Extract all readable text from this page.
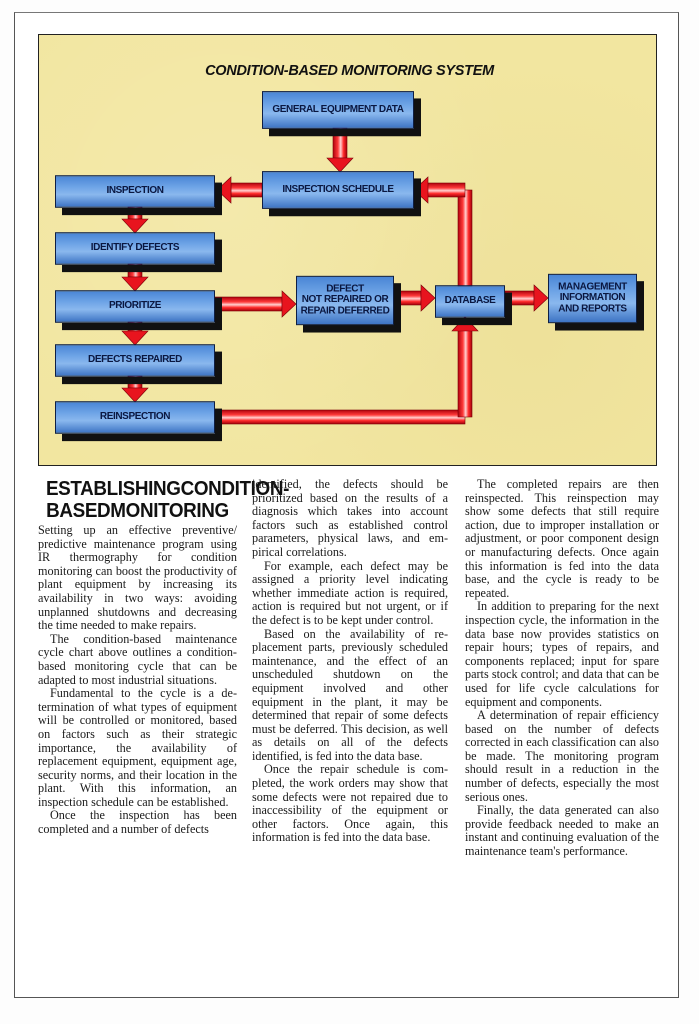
CONDITION-BASED MONITORING SYSTEM
GENERAL EQUIPMENT DATA
INSPECTION SCHEDULE
INSPECTION
IDENTIFY DEFECTS
PRIORITIZE
DEFECTS REPAIRED
REINSPECTION
DEFECT
NOT REPAIRED OR
REPAIR DEFERRED
DATABASE
MANAGEMENT
INFORMATION
AND REPORTS
ESTABLISHINGCONDITION-BASEDMONITORING

Setting up an effective preventive/ predictive maintenance program using IR thermography for condition monitoring can boost the productivity of plant equipment by increasing its availability in two ways: avoiding unplanned shutdowns and decreasing the time needed to make repairs.

The condition-based maintenance cycle chart above outlines a condition-based monitoring cycle that can be adapted to most industrial situations.

Fundamental to the cycle is a determination of what types of equipment will be controlled or monitored, based on factors such as their strategic importance, the availability of replacement equipment, equipment age, security norms, and their location in the plant. With this information, an inspection schedule can be established.

Once the inspection has been completed and a number of defects

identified, the defects should be prioritized based on the results of a diagnosis which takes into account factors such as established control parameters, physical laws, and empirical correlations.

For example, each defect may be assigned a priority level indicating whether immediate action is required, action is required but not urgent, or if the defect is to be kept under control.

Based on the availability of replacement parts, previously scheduled maintenance, and the effect of an unscheduled shutdown on the equipment involved and other equipment in the plant, it may be determined that repair of some defects must be deferred. This decision, as well as details on all of the defects identified, is fed into the data base.

Once the repair schedule is completed, the work orders may show that some defects were not repaired due to inaccessibility of the equipment or other factors. Once again, this information is fed into the data base.

The completed repairs are then reinspected. This reinspection may show some defects that still require action, due to improper installation or adjustment, or poor component design or manufacturing defects. Once again this information is fed into the data base, and the cycle is ready to be repeated.

In addition to preparing for the next inspection cycle, the information in the data base now provides statistics on repair hours; types of repairs, and components replaced; input for spare parts stock control; and data that can be used for life cycle calculations for equipment and components.

A determination of repair efficiency based on the number of defects corrected in each classification can also be made. The monitoring program should result in a reduction in the number of defects, especially the most serious ones.

Finally, the data generated can also provide feedback needed to make an instant and continuing evaluation of the maintenance team's performance.
